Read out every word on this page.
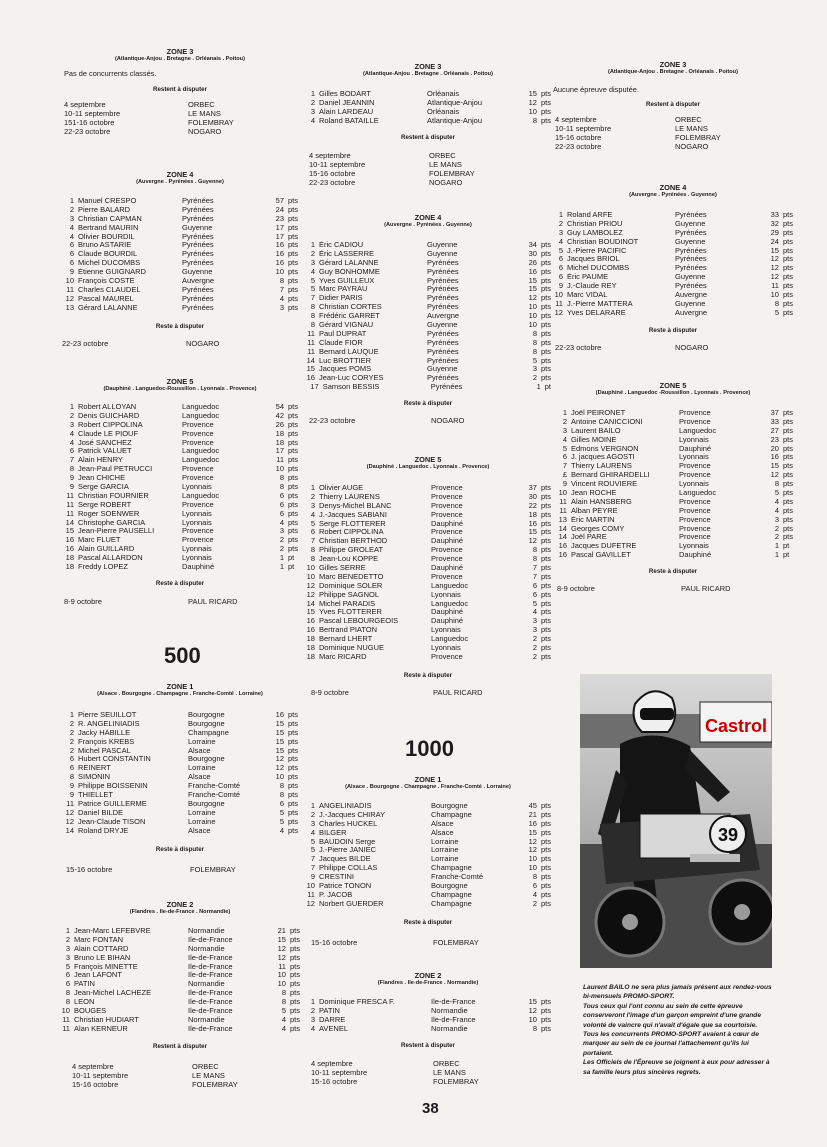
ZONE 3
(Atlantique-Anjou . Bretagne . Orléanais . Poitou)
Pas de concurrents classés.
Restent à disputer
4 septembre	ORBEC
10-11 septembre	LE MANS
151-16 octobre	FOLEMBRAY
22-23 octobre	NOGARO
ZONE 4
(Auvergne . Pyrénées . Guyenne)
1 Manuel CRESPO	Pyrénées	57 pts
2 Pierre BALARD	Pyrénées	24 pts
3 Christian CAPMAN	Pyrénées	23 pts
4 Bertrand MAURIN	Guyenne	17 pts
4 Olivier BOURDIL	Pyrénées	17 pts
6 Bruno ASTARIE	Pyrénées	16 pts
6 Claude BOURDIL	Pyrénées	16 pts
6 Michel DUCOMBS	Pyrénées	16 pts
9 Étienne GUIGNARD	Guyenne	10 pts
10 François COSTE	Auvergne	8 pts
11 Charles CLAUDEL	Pyrénées	7 pts
12 Pascal MAUREL	Pyrénées	4 pts
13 Gérard LALANNE	Pyrénées	3 pts
Reste à disputer
22-23 octobre	NOGARO
ZONE 5
(Dauphiné . Languedoc-Roussillon . Lyonnais . Provence)
1 Robert ALLOYAN	Languedoc	54 pts
2 Denis GUICHARD	Languedoc	42 pts
3 Robert CIPPOLINA	Provence	26 pts
4 Claude LE PIOUF	Provence	18 pts
4 José SANCHEZ	Provence	18 pts
6 Patrick VALUET	Languedoc	17 pts
7 Alain HENRY	Languedoc	11 pts
8 Jean-Paul PETRUCCI	Provence	10 pts
9 Jean CHICHE	Provence	8 pts
9 Serge GARCIA	Lyonnais	8 pts
11 Christian FOURNIER	Languedoc	6 pts
11 Serge ROBERT	Provence	6 pts
11 Roger SOENWER	Lyonnais	6 pts
14 Christophe GARCIA	Lyonnais	4 pts
15 Jean-Pierre PAUSELLI	Provence	3 pts
16 Marc FLUET	Provence	2 pts
16 Alain GUILLARD	Lyonnais	2 pts
18 Pascal ALLARDON	Lyonnais	1 pt
18 Freddy LOPEZ	Dauphiné	1 pt
Reste à disputer
8-9 octobre	PAUL RICARD
500
ZONE 1
(Alsace . Bourgogne . Champagne . Franche-Comté . Lorraine)
1 Pierre SEUILLOT	Bourgogne	16 pts
2 R. ANGELINIADIS	Bourgogne	15 pts
2 Jacky HABILLE	Champagne	15 pts
2 François KREBS	Lorraine	15 pts
2 Michel PASCAL	Alsace	15 pts
6 Hubert CONSTANTIN	Bourgogne	12 pts
6 REINERT	Lorraine	12 pts
8 SIMONIN	Alsace	10 pts
9 Philippe BOISSENIN	Franche-Comté	8 pts
9 THIELLET	Franche-Comté	8 pts
11 Patrice GUILLERME	Bourgogne	6 pts
12 Daniel BILDE	Lorraine	5 pts
12 Jean-Claude TISON	Lorraine	5 pts
14 Roland DRYJE	Alsace	4 pts
Reste à disputer
15-16 octobre	FOLEMBRAY
ZONE 2
(Flandres . Ile-de-France . Normandie)
1 Jean-Marc LEFEBVRE	Normandie	21 pts
2 Marc FONTAN	Ile-de-France	15 pts
3 Alain COTTARD	Normandie	12 pts
3 Bruno LE BIHAN	Ile-de-France	12 pts
5 François MINETTE	Ile-de-France	11 pts
6 Jean LAFONT	Ile-de-France	10 pts
6 PATIN	Normandie	10 pts
8 Jean-Michel LACHEZE	Ile-de-France	8 pts
8 LEON	Ile-de-France	8 pts
10 BOUGES	Ile-de-France	5 pts
11 Christian HUDIART	Normandie	4 pts
11 Alan KERNEUR	Ile-de-France	4 pts
Restent à disputer
4 septembre	ORBEC
10-11 septembre	LE MANS
15-16 octobre	FOLEMBRAY
ZONE 3
(Atlantique-Anjou . Bretagne . Orléanais . Poitou)
1 Gilles BODART	Orléanais	15 pts
2 Daniel JEANNIN	Atlantique-Anjou	12 pts
3 Alain LARDEAU	Orléanais	10 pts
4 Roland BATAILLE	Atlantique-Anjou	8 pts
Restent à disputer
4 septembre	ORBEC
10-11 septembre	LE MANS
15-16 octobre	FOLEMBRAY
22-23 octobre	NOGARO
ZONE 4
(Auvergne . Pyrénées . Guyenne)
1 Éric CADIOU	Guyenne	34 pts
2 Éric LASSERRE	Guyenne	30 pts
3 Gérard LALANNE	Pyrénées	26 pts
4 Guy BONHOMME	Pyrénées	16 pts
5 Yves GUILLEUX	Pyrénées	15 pts
5 Marc PAYRAU	Pyrénées	15 pts
7 Didier PARIS	Pyrénées	12 pts
8 Christian CORTES	Pyrénées	10 pts
8 Frédéric GARRET	Auvergne	10 pts
8 Gérard VIGNAU	Guyenne	10 pts
11 Paul DUPRAT	Pyrénées	8 pts
11 Claude FIOR	Pyrénées	8 pts
11 Bernard LAUQUE	Pyrénées	8 pts
14 Luc BROTTIER	Pyrénées	5 pts
15 Jacques POMS	Guyenne	3 pts
16 Jean-Luc CORYES	Pyrénées	2 pts
17 Samson BESSIS	Pyrénées	1 pt
Reste à disputer
22-23 octobre	NOGARO
ZONE 5
(Dauphiné . Languedoc . Lyonnais . Provence)
1 Olivier AUGE	Provence	37 pts
2 Thierry LAURENS	Provence	30 pts
3 Denys-Michel BLANC	Provence	22 pts
4 J.-Jacques SABIANI	Provence	18 pts
5 Serge FLOTTERER	Dauphiné	16 pts
6 Robert CIPPOLINA	Provence	15 pts
7 Christian BERTHOD	Dauphiné	12 pts
8 Philippe GROLEAT	Provence	8 pts
8 Jean-Lou KOPPE	Provence	8 pts
10 Gilles SERRE	Dauphiné	7 pts
10 Marc BENEDETTO	Provence	7 pts
12 Dominique SOLER	Languedoc	6 pts
12 Philippe SAGNOL	Lyonnais	6 pts
14 Michel PARADIS	Languedoc	5 pts
15 Yves FLOTTERER	Dauphiné	4 pts
16 Pascal LEBOURGEOIS	Dauphiné	3 pts
16 Bertrand PIATON	Lyonnais	3 pts
18 Bernard LHERT	Languedoc	2 pts
18 Dominique NUGUE	Lyonnais	2 pts
18 Marc RICARD	Provence	2 pts
Reste à disputer
8-9 octobre	PAUL RICARD
1000
ZONE 1
(Alsace . Bourgogne . Champagne . Franche-Comté . Lorraine)
1 ANGELINIADIS	Bourgogne	45 pts
2 J.-Jacques CHIRAY	Champagne	21 pts
3 Charles HUCKEL	Alsace	16 pts
4 BILGER	Alsace	15 pts
5 BAUDOIN Serge	Lorraine	12 pts
5 J.-Pierre JANIEC	Lorraine	12 pts
7 Jacques BILDE	Lorraine	10 pts
7 Philippe COLLAS	Champagne	10 pts
9 CRESTINI	Franche-Comté	8 pts
10 Patrice TONON	Bourgogne	6 pts
11 P. JACOB	Champagne	4 pts
12 Norbert GUERDER	Champagne	2 pts
Reste à disputer
15-16 octobre	FOLEMBRAY
ZONE 2
(Flandres . Ile-de-France . Normandie)
1 Dominique FRESCA F.	Ile-de-France	15 pts
2 PATIN	Normandie	12 pts
3 DARRE	Ile-de-France	10 pts
4 AVENEL	Normandie	8 pts
Restent à disputer
4 septembre	ORBEC
10-11 septembre	LE MANS
15-16 octobre	FOLEMBRAY
ZONE 3
(Atlantique-Anjou . Bretagne . Orléanais . Poitou)
Aucune épreuve disputée.
Restent à disputer
4 septembre	ORBEC
10-11 septembre	LE MANS
15-16 octobre	FOLEMBRAY
22-23 octobre	NOGARO
ZONE 4
(Auvergne . Pyrénées . Guyenne)
1 Roland ARFE	Pyrénées	33 pts
2 Christian PRIOU	Guyenne	32 pts
3 Guy LAMBOLEZ	Pyrénées	29 pts
4 Christian BOUDINOT	Guyenne	24 pts
5 J.-Pierre PACIFIC	Pyrénées	15 pts
6 Jacques BRIOL	Pyrénées	12 pts
6 Michel DUCOMBS	Pyrénées	12 pts
6 Éric PAUME	Guyenne	12 pts
9 J.-Claude REY	Pyrénées	11 pts
10 Marc VIDAL	Auvergne	10 pts
11 J.-Pierre MATTERA	Guyenne	8 pts
12 Yves DELARARE	Auvergne	5 pts
Reste à disputer
22-23 octobre	NOGARO
ZONE 5
(Dauphiné . Languedoc -Roussillon . Lyonnais . Provence)
1 Joël PEIRONET	Provence	37 pts
2 Antoine CANICCIONI	Provence	33 pts
3 Laurent BAILO	Languedoc	27 pts
4 Gilles MOINE	Lyonnais	23 pts
5 Edmons VERGNON	Dauphiné	20 pts
6 J. jacques AGOSTI	Lyonnais	16 pts
7 Thierry LAURENS	Provence	15 pts
£ Bernard GHIRARDELLI	Provence	12 pts
9 Vincent ROUVIERE	Lyonnais	8 pts
10 Jean ROCHE	Languedoc	5 pts
11 Alain HANSBERG	Provence	4 pts
11 Alban PEYRE	Provence	4 pts
13 Éric MARTIN	Provence	3 pts
14 Georges COMY	Provence	2 pts
14 Joël PARE	Provence	2 pts
16 Jacques DUFETRE	Lyonnais	1 pt
16 Pascal GAVILLET	Dauphiné	1 pt
Reste à disputer
8-9 octobre	PAUL RICARD
Castrol
39

Laurent BAILO ne sera plus jamais présent aux rendez-vous bi-mensuels PROMO-SPORT.

Tous ceux qui l'ont connu au sein de cette épreuve conserveront l'image d'un garçon empreint d'une grande volonté de vaincre qui n'avait d'égale que sa courtoisie.

Tous les concurrents PROMO-SPORT avaient à cœur de marquer au sein de ce journal l'attachement qu'ils lui portaient.

Les Officiels de l'Épreuve se joignent à eux pour adresser à sa famille leurs plus sincères regrets.

38
